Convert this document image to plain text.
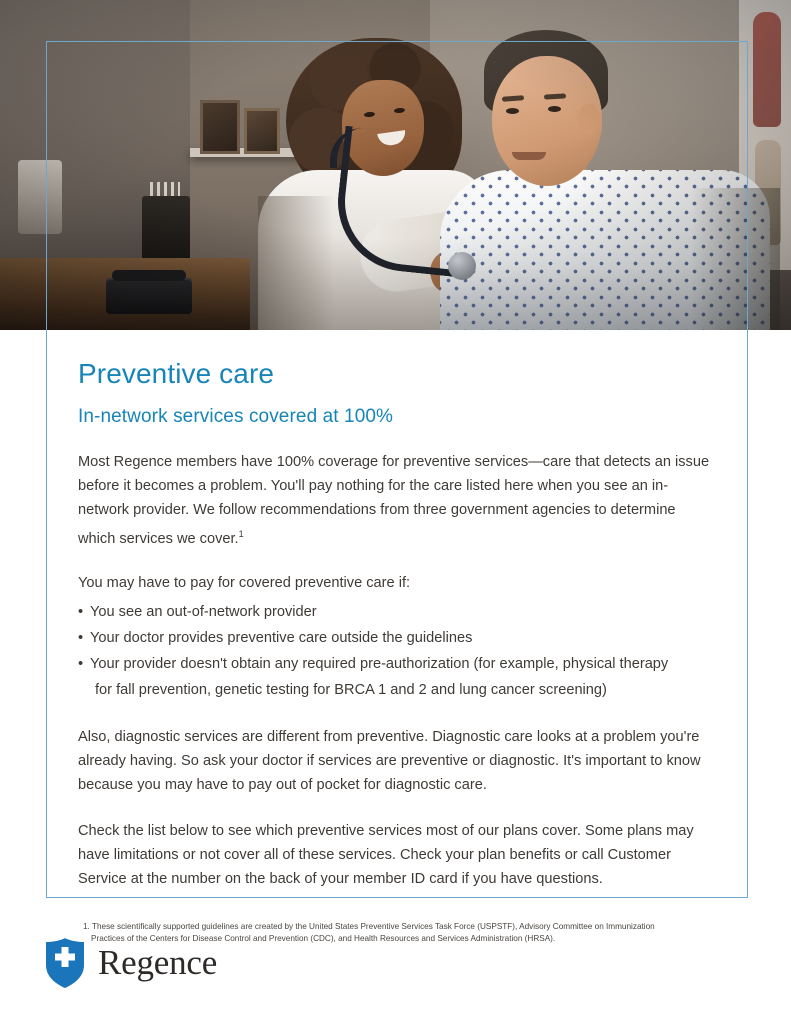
Preventive care
In-network services covered at 100%

Most Regence members have 100% coverage for preventive services—care that detects an issue before it becomes a problem. You'll pay nothing for the care listed here when you see an in-network provider. We follow recommendations from three government agencies to determine which services we cover.$^1$

You may have to pay for covered preventive care if:

• You see an out-of-network provider
• Your doctor provides preventive care outside the guidelines
• Your provider doesn't obtain any required pre-authorization (for example, physical therapy
for fall prevention, genetic testing for BRCA 1 and 2 and lung cancer screening)

Also, diagnostic services are different from preventive. Diagnostic care looks at a problem you're already having. So ask your doctor if services are preventive or diagnostic. It's important to know because you may have to pay out of pocket for diagnostic care.

Check the list below to see which preventive services most of our plans cover. Some plans may have limitations or not cover all of these services. Check your plan benefits or call Customer Service at the number on the back of your member ID card if you have questions.

1. These scientifically supported guidelines are created by the United States Preventive Services Task Force (USPSTF), Advisory Committee on Immunization
Practices of the Centers for Disease Control and Prevention (CDC), and Health Resources and Services Administration (HRSA).
Regence
